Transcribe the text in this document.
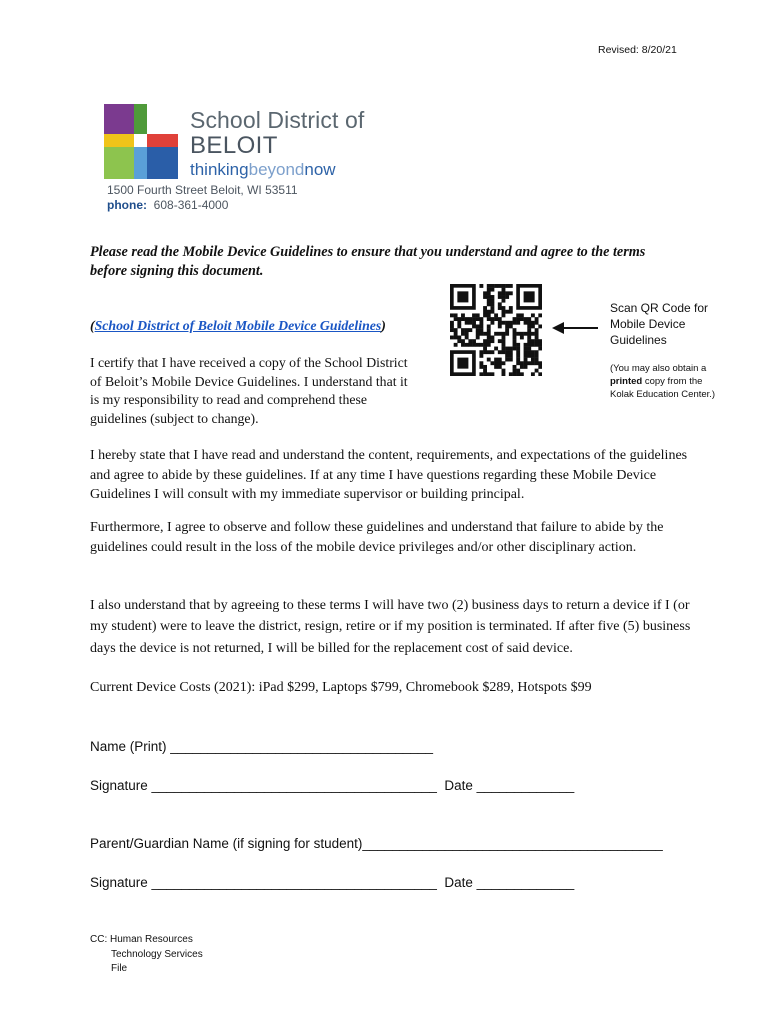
Revised: 8/20/21
School District of
BELOIT
thinkingbeyondnow
1500 Fourth Street Beloit, WI 53511
phone: 608-361-4000
Please read the Mobile Device Guidelines to ensure that you understand and agree to the terms before signing this document.
(School District of Beloit Mobile Device Guidelines)
I certify that I have received a copy of the School District of Beloit’s Mobile Device Guidelines. I understand that it is my responsibility to read and comprehend these guidelines (subject to change).
Scan QR Code for Mobile Device Guidelines
(You may also obtain a printed copy from the Kolak Education Center.)
I hereby state that I have read and understand the content, requirements, and expectations of the guidelines and agree to abide by these guidelines. If at any time I have questions regarding these Mobile Device Guidelines I will consult with my immediate supervisor or building principal.
Furthermore, I agree to observe and follow these guidelines and understand that failure to abide by the guidelines could result in the loss of the mobile device privileges and/or other disciplinary action.
I also understand that by agreeing to these terms I will have two (2) business days to return a device if I (or my student) were to leave the district, resign, retire or if my position is terminated. If after five (5) business days the device is not returned, I will be billed for the replacement cost of said device.
Current Device Costs (2021): iPad $299, Laptops $799, Chromebook $289, Hotspots $99
Name (Print) ___________________________________
Signature ______________________________________  Date _____________
Parent/Guardian Name (if signing for student)________________________________________
Signature ______________________________________  Date _____________
CC: Human Resources
Technology Services
File
